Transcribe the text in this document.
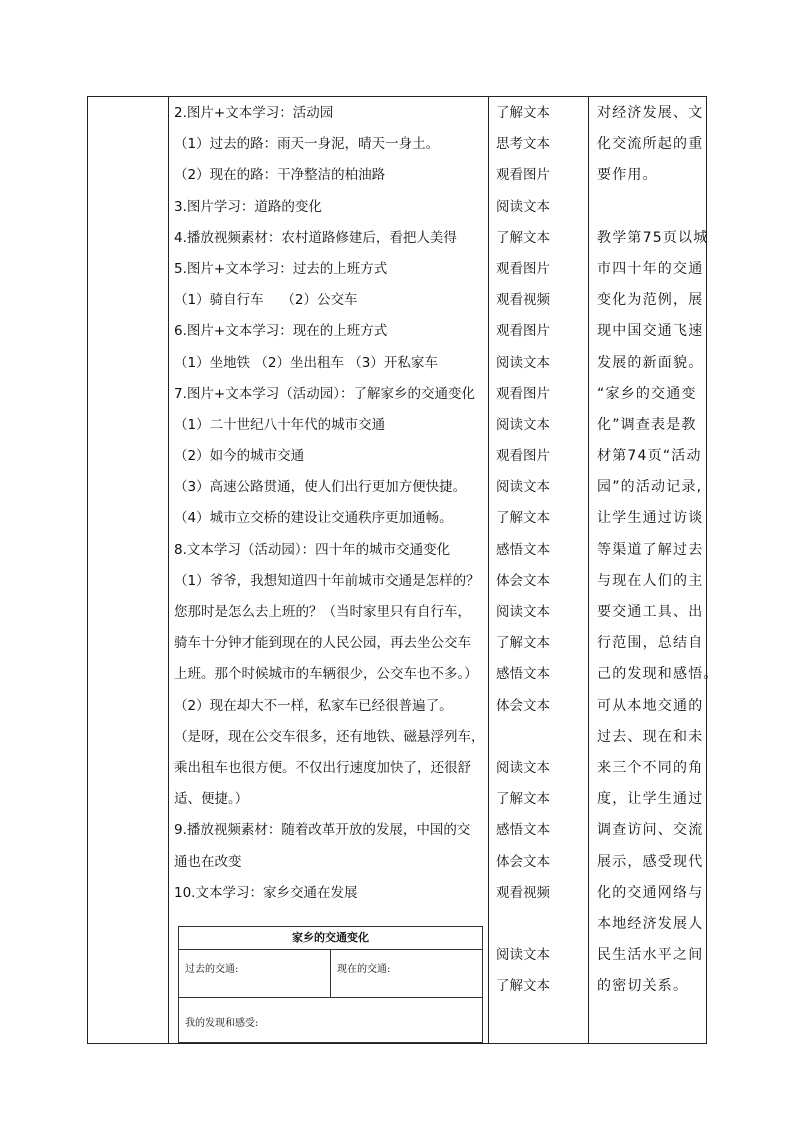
2.图片+文本学习：活动园
（1）过去的路：雨天一身泥，晴天一身土。
（2）现在的路：干净整洁的柏油路
3.图片学习：道路的变化
4.播放视频素材：农村道路修建后，看把人美得
5.图片+文本学习：过去的上班方式
（1）骑自行车　 （2）公交车
6.图片+文本学习：现在的上班方式
（1）坐地铁 （2）坐出租车 （3）开私家车
7.图片+文本学习（活动园）：了解家乡的交通变化
（1）二十世纪八十年代的城市交通
（2）如今的城市交通
（3）高速公路贯通，使人们出行更加方便快捷。
（4）城市立交桥的建设让交通秩序更加通畅。
8.文本学习（活动园）：四十年的城市交通变化
（1）爷爷，我想知道四十年前城市交通是怎样的？
您那时是怎么去上班的？（当时家里只有自行车，
骑车十分钟才能到现在的人民公园，再去坐公交车
上班。那个时候城市的车辆很少，公交车也不多。）
（2）现在却大不一样，私家车已经很普遍了。
（是呀，现在公交车很多，还有地铁、磁悬浮列车，
乘出租车也很方便。不仅出行速度加快了，还很舒
适、便捷。）
9.播放视频素材：随着改革开放的发展，中国的交
通也在改变
10.文本学习：家乡交通在发展
了解文本
思考文本
观看图片
阅读文本
了解文本
观看图片
观看视频
观看图片
阅读文本
观看图片
阅读文本
观看图片
阅读文本
了解文本
感悟文本
体会文本
阅读文本
了解文本
感悟文本
体会文本
阅读文本
了解文本
感悟文本
体会文本
观看视频
阅读文本
了解文本
对经济发展、文
化交流所起的重
要作用。
教学第75页以城
市四十年的交通
变化为范例，展
现中国交通飞速
发展的新面貌。
“家乡的交通变
化”调查表是教
材第74页“活动
园”的活动记录,
让学生通过访谈
等渠道了解过去
与现在人们的主
要交通工具、出
行范围，总结自
己的发现和感悟。
可从本地交通的
过去、现在和未
来三个不同的角
度，让学生通过
调查访问、交流
展示，感受现代
化的交通网络与
本地经济发展人
民生活水平之间
的密切关系。
家乡的交通变化
过去的交通:	现在的交通:
我的发现和感受:
